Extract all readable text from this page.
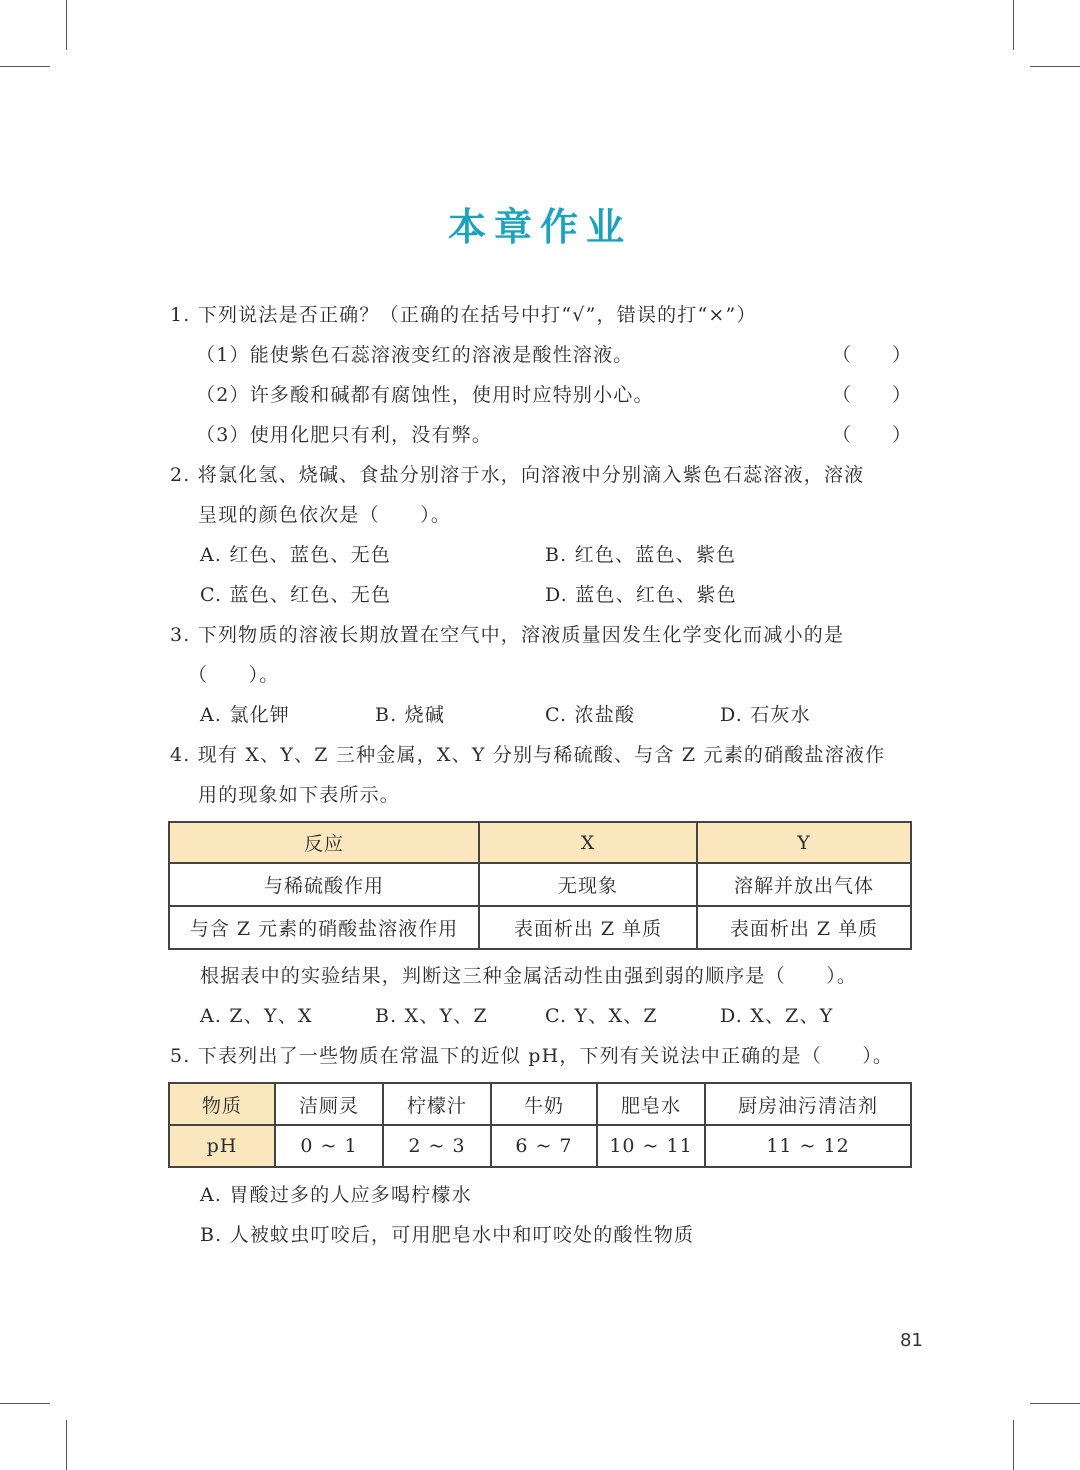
本章作业
1. 下列说法是否正确？（正确的在括号中打“√”，错误的打“×”）
（1）能使紫色石蕊溶液变红的溶液是酸性溶液。	（ ）
（2）许多酸和碱都有腐蚀性，使用时应特别小心。	（ ）
（3）使用化肥只有利，没有弊。	（ ）
2. 将氯化氢、烧碱、食盐分别溶于水，向溶液中分别滴入紫色石蕊溶液，溶液
呈现的颜色依次是（　　）。
A. 红色、蓝色、无色	B. 红色、蓝色、紫色
C. 蓝色、红色、无色	D. 蓝色、红色、紫色
3. 下列物质的溶液长期放置在空气中，溶液质量因发生化学变化而减小的是
（　　）。
A. 氯化钾	B. 烧碱	C. 浓盐酸	D. 石灰水
4. 现有 X、Y、Z 三种金属，X、Y 分别与稀硫酸、与含 Z 元素的硝酸盐溶液作
用的现象如下表所示。
反应	X	Y
与稀硫酸作用	无现象	溶解并放出气体
与含 Z 元素的硝酸盐溶液作用	表面析出 Z 单质	表面析出 Z 单质
根据表中的实验结果，判断这三种金属活动性由强到弱的顺序是（　　）。
A. Z、Y、X	B. X、Y、Z	C. Y、X、Z	D. X、Z、Y
5. 下表列出了一些物质在常温下的近似 pH，下列有关说法中正确的是（　　）。
物质	洁厕灵	柠檬汁	牛奶	肥皂水	厨房油污清洁剂
pH	0 ~ 1	2 ~ 3	6 ~ 7	10 ~ 11	11 ~ 12
A. 胃酸过多的人应多喝柠檬水
B. 人被蚊虫叮咬后，可用肥皂水中和叮咬处的酸性物质
81
